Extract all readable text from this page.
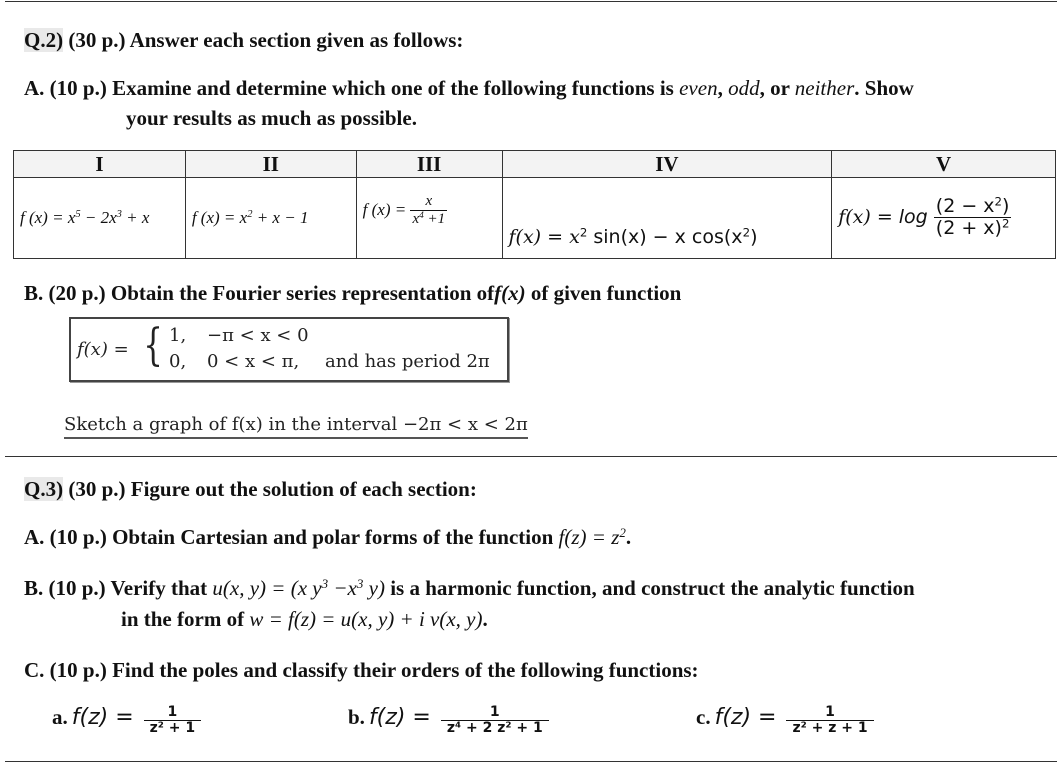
Q.2) (30 p.) Answer each section given as follows:
A. (10 p.) Examine and determine which one of the following functions is even, odd, or neither. Show
your results as much as possible.
I	II	III	IV	V
f $(x) = x^5 - 2x^3 + x$	f $(x) = x^2 + x - 1$	f $(x) = \frac{x}{x^4 +1}$	$f(x) = x^2$ sin(x) − x $\cos(x^2)$	$f(x) = \log \frac{(2 - x^2)}{(2 + x)^2}$
B. (20 p.) Obtain the Fourier series representation off(x) of given function
f(x) = { 1, −π < x < 0
0, 0 < x < π, and has period 2π
Sketch a graph of f(x) in the interval −2π < x < 2π
Q.3) (30 p.) Figure out the solution of each section:
A. (10 p.) Obtain Cartesian and polar forms of the function $f(z) = z^2$.
B. (10 p.) Verify that u(x, y) = (x $y^3 -x^3$ y) is a harmonic function, and construct the analytic function
in the form of w = f(z) = u(x, y) + i v(x, y).
C. (10 p.) Find the poles and classify their orders of the following functions:
a. $f(z) = \frac{1}{\text{z² + 1}}$	b. $f(z) = \frac{1}{\text{z⁴ + 2 z² + 1}}$	c. $f(z) = \frac{1}{\text{z² + z + 1}}$
